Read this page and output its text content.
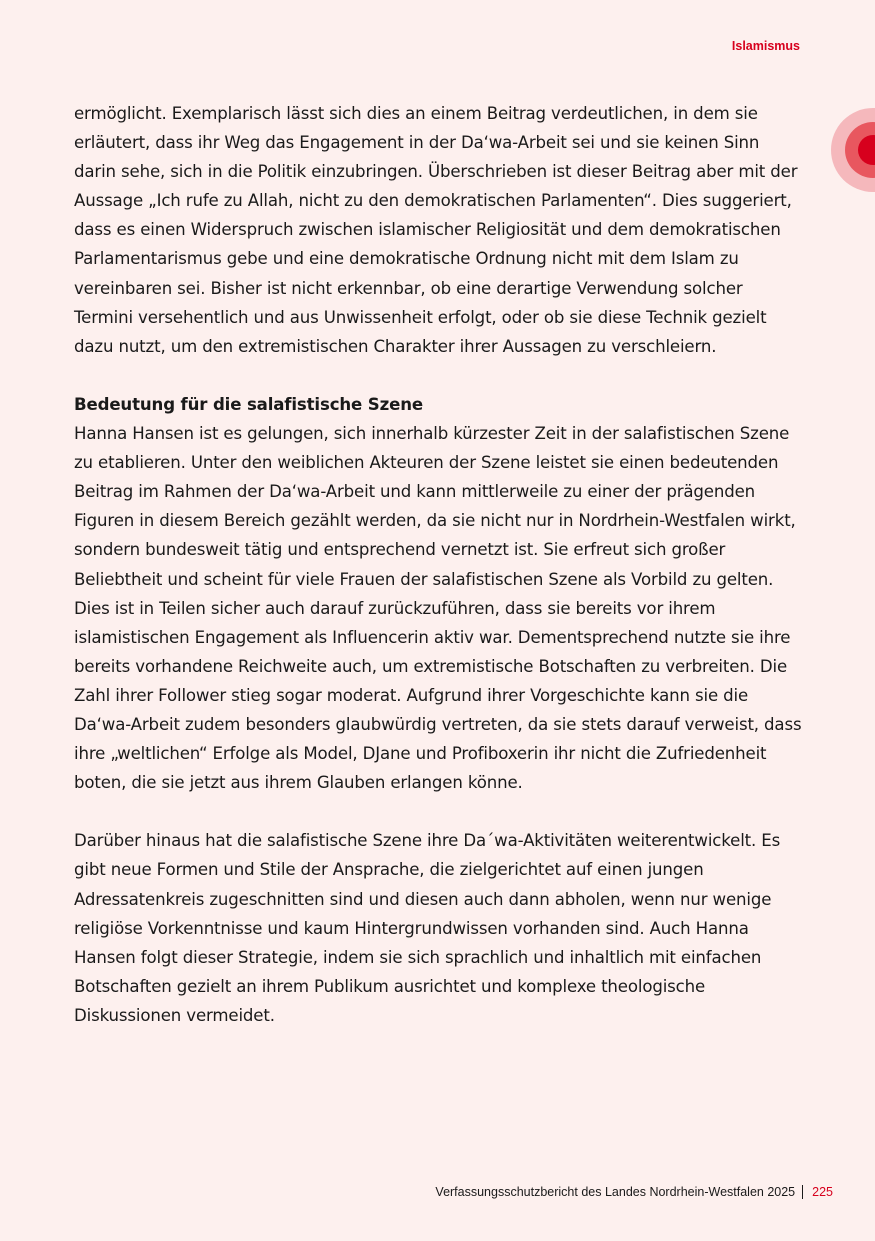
Islamismus

ermöglicht. Exemplarisch lässt sich dies an einem Beitrag verdeutlichen, in dem sie erläutert, dass ihr Weg das Engagement in der Da‘wa-Arbeit sei und sie keinen Sinn darin sehe, sich in die Politik einzubringen. Überschrieben ist dieser Beitrag aber mit der Aussage „Ich rufe zu Allah, nicht zu den demokratischen Parlamenten“. Dies suggeriert, dass es einen Widerspruch zwischen islamischer Religiosität und dem demokratischen Parlamentarismus gebe und eine demokratische Ordnung nicht mit dem Islam zu vereinbaren sei. Bisher ist nicht erkennbar, ob eine derartige Verwendung solcher Termini versehentlich und aus Unwissenheit erfolgt, oder ob sie diese Technik gezielt dazu nutzt, um den extremistischen Charakter ihrer Aussagen zu verschleiern.

Bedeutung für die salafistische Szene

Hanna Hansen ist es gelungen, sich innerhalb kürzester Zeit in der salafistischen Szene zu etablieren. Unter den weiblichen Akteuren der Szene leistet sie einen bedeutenden Beitrag im Rahmen der Da‘wa-Arbeit und kann mittlerweile zu einer der prägenden Figuren in diesem Bereich gezählt werden, da sie nicht nur in Nordrhein-Westfalen wirkt, sondern bundesweit tätig und entsprechend vernetzt ist. Sie erfreut sich großer Beliebtheit und scheint für viele Frauen der salafistischen Szene als Vorbild zu gelten. Dies ist in Teilen sicher auch darauf zurückzuführen, dass sie bereits vor ihrem islamistischen Engagement als Influencerin aktiv war. Dementsprechend nutzte sie ihre bereits vorhandene Reichweite auch, um extremistische Botschaften zu verbreiten. Die Zahl ihrer Follower stieg sogar moderat. Aufgrund ihrer Vorgeschichte kann sie die Da‘wa-Arbeit zudem besonders glaubwürdig vertreten, da sie stets darauf verweist, dass ihre „weltlichen“ Erfolge als Model, DJane und Profiboxerin ihr nicht die Zufriedenheit boten, die sie jetzt aus ihrem Glauben erlangen könne.

Darüber hinaus hat die salafistische Szene ihre Da´wa-Aktivitäten weiterentwickelt. Es gibt neue Formen und Stile der Ansprache, die zielgerichtet auf einen jungen Adressatenkreis zugeschnitten sind und diesen auch dann abholen, wenn nur wenige religiöse Vorkenntnisse und kaum Hintergrundwissen vorhanden sind. Auch Hanna Hansen folgt dieser Strategie, indem sie sich sprachlich und inhaltlich mit einfachen Botschaften gezielt an ihrem Publikum ausrichtet und komplexe theologische Diskussionen vermeidet.

Verfassungsschutzbericht des Landes Nordrhein-Westfalen 2025 225
